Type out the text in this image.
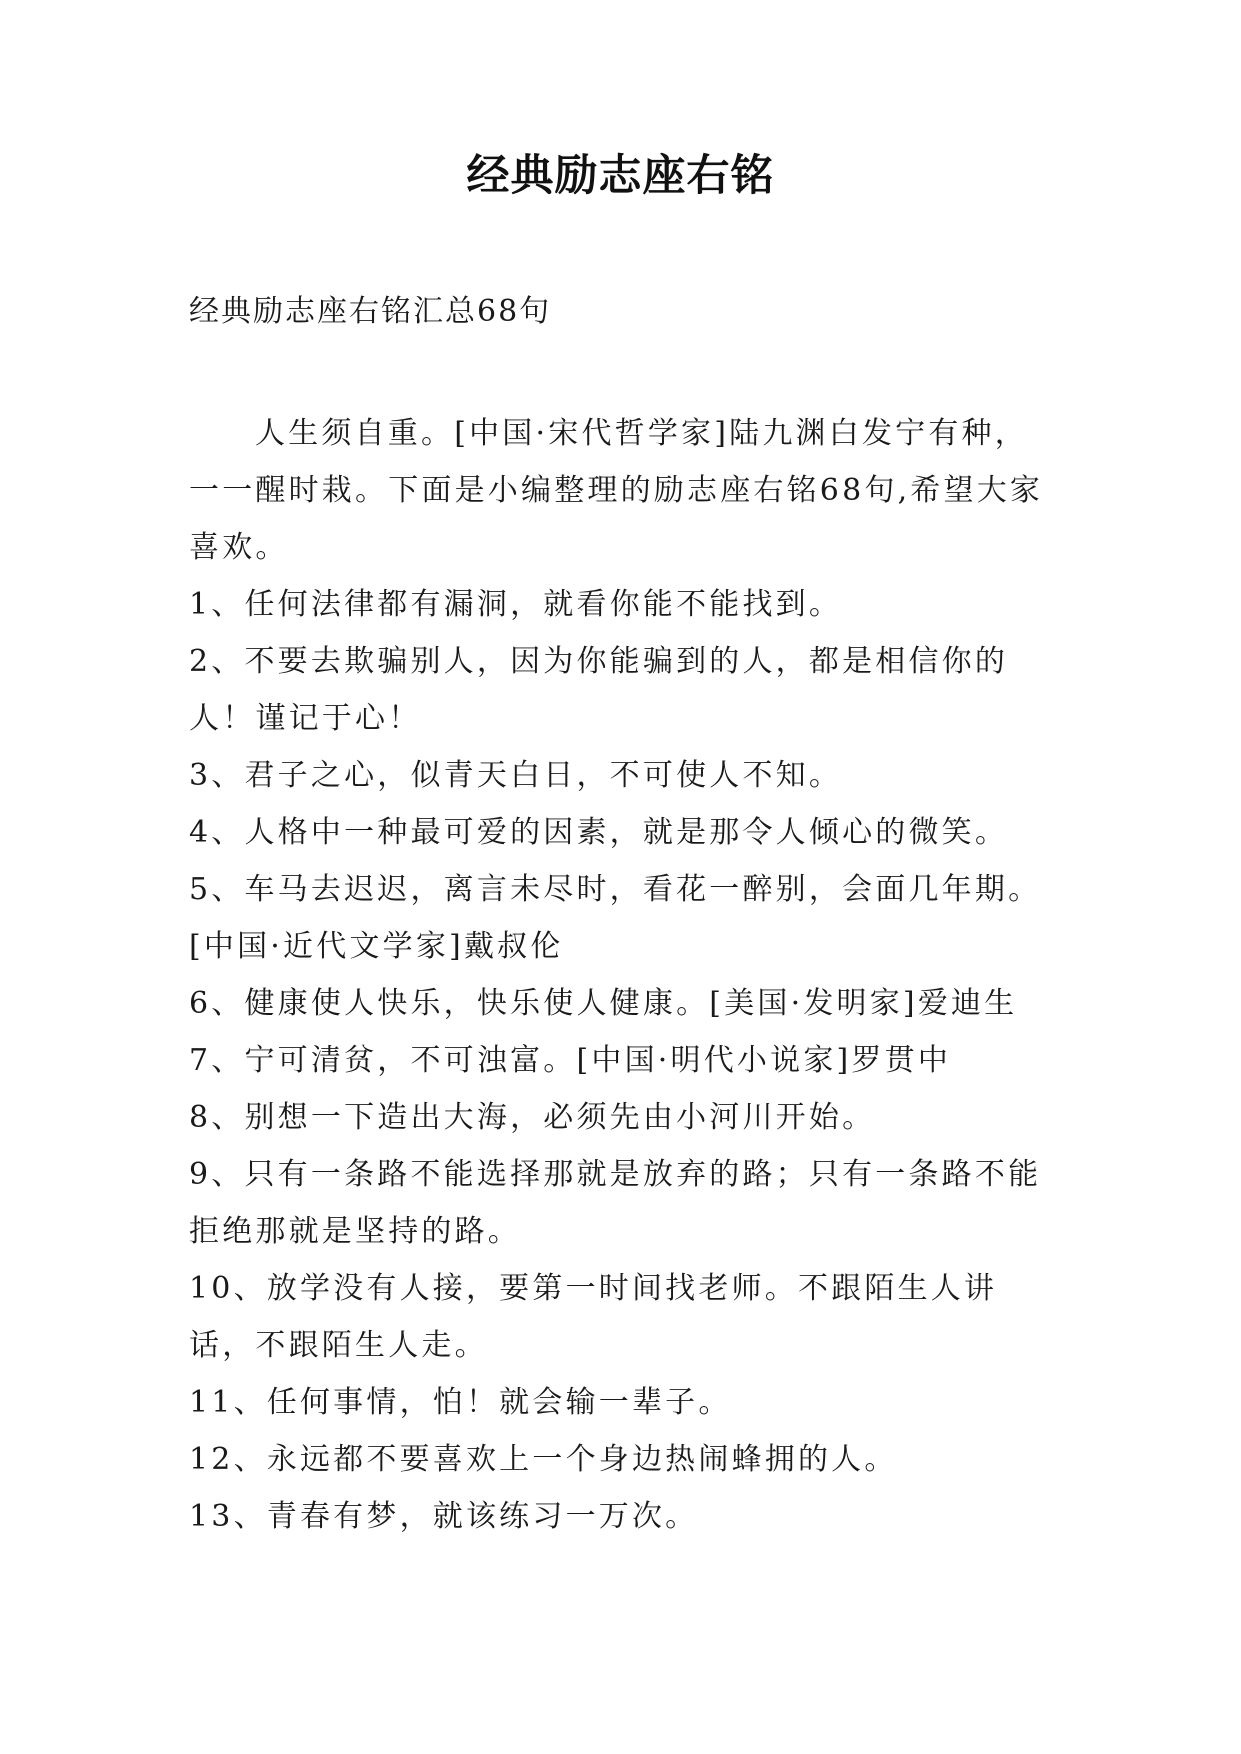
经典励志座右铭
经典励志座右铭汇总68句

人生须自重。[中国·宋代哲学家]陆九渊白发宁有种，一一醒时栽。下面是小编整理的励志座右铭68句,希望大家喜欢。

1、任何法律都有漏洞，就看你能不能找到。

2、不要去欺骗别人，因为你能骗到的人，都是相信你的人！谨记于心！

3、君子之心，似青天白日，不可使人不知。

4、人格中一种最可爱的因素，就是那令人倾心的微笑。

5、车马去迟迟，离言未尽时，看花一醉别，会面几年期。[中国·近代文学家]戴叔伦

6、健康使人快乐，快乐使人健康。[美国·发明家]爱迪生

7、宁可清贫，不可浊富。[中国·明代小说家]罗贯中

8、别想一下造出大海，必须先由小河川开始。

9、只有一条路不能选择那就是放弃的路；只有一条路不能拒绝那就是坚持的路。

10、放学没有人接，要第一时间找老师。不跟陌生人讲话，不跟陌生人走。

11、任何事情，怕！就会输一辈子。

12、永远都不要喜欢上一个身边热闹蜂拥的人。

13、青春有梦，就该练习一万次。
